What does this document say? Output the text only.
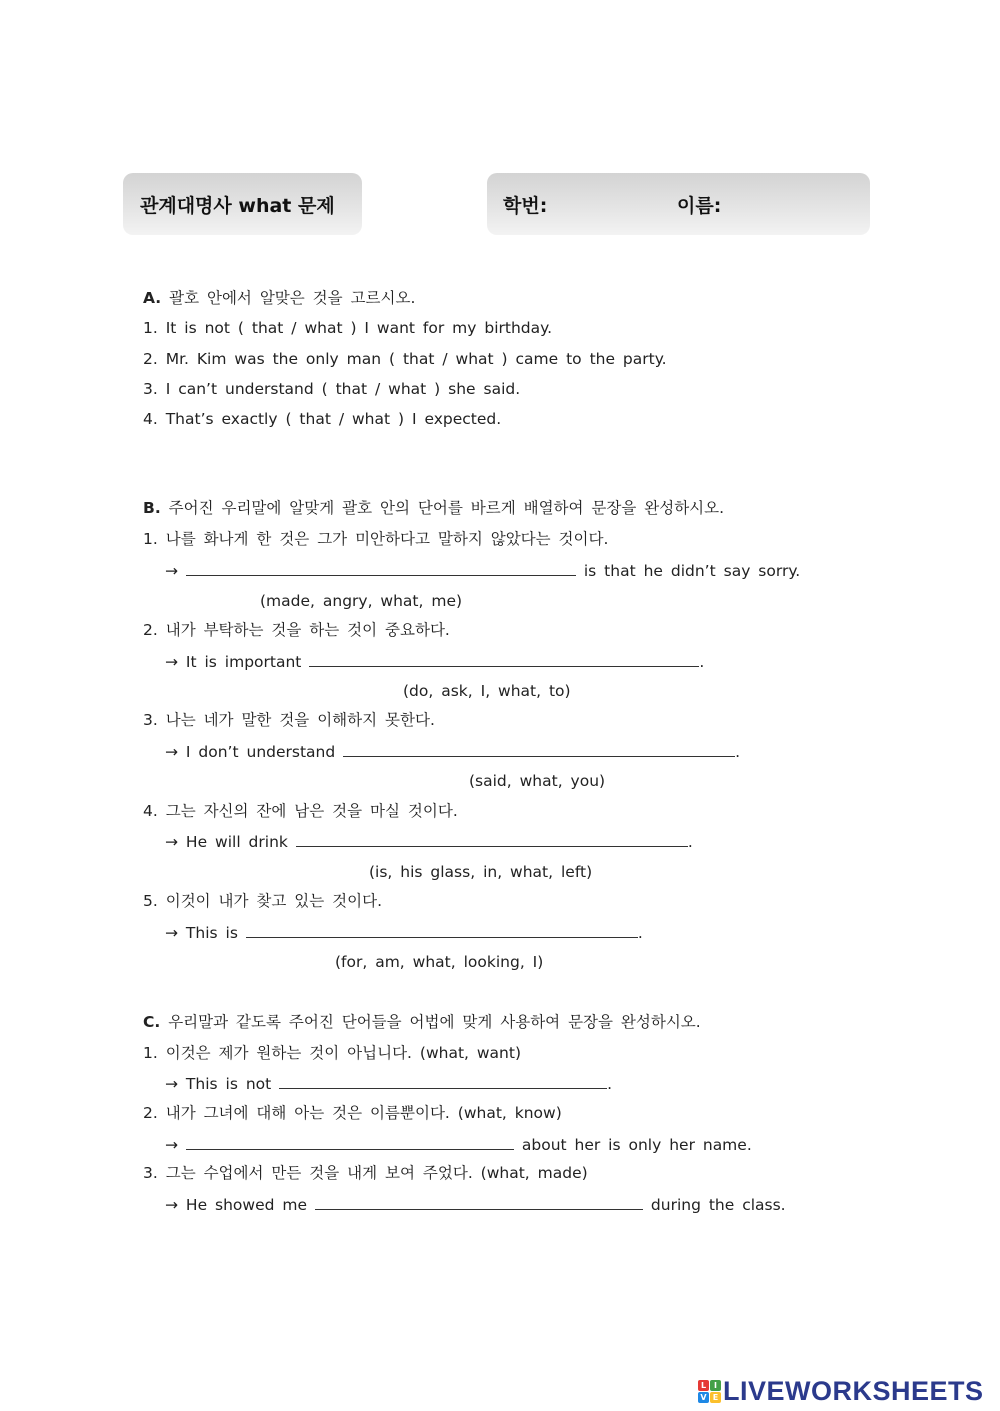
관계대명사 what 문제	학번:	이름:
A. 괄호 안에서 알맞은 것을 고르시오.
1. It is not ( that / what ) I want for my birthday.
2. Mr. Kim was the only man ( that / what ) came to the party.
3. I can’t understand ( that / what ) she said.
4. That’s exactly ( that / what ) I expected.
B. 주어진 우리말에 알맞게 괄호 안의 단어를 바르게 배열하여 문장을 완성하시오.
1. 나를 화나게 한 것은 그가 미안하다고 말하지 않았다는 것이다.
→	is that he didn’t say sorry.
(made, angry, what, me)
2. 내가 부탁하는 것을 하는 것이 중요하다.
→ It is important	.
(do, ask, I, what, to)
3. 나는 네가 말한 것을 이해하지 못한다.
→ I don’t understand	.
(said, what, you)
4. 그는 자신의 잔에 남은 것을 마실 것이다.
→ He will drink	.
(is, his glass, in, what, left)
5. 이것이 내가 찾고 있는 것이다.
→ This is	.
(for, am, what, looking, I)
C. 우리말과 같도록 주어진 단어들을 어법에 맞게 사용하여 문장을 완성하시오.
1. 이것은 제가 원하는 것이 아닙니다. (what, want)
→ This is not	.
2. 내가 그녀에 대해 아는 것은 이름뿐이다. (what, know)
→	about her is only her name.
3. 그는 수업에서 만든 것을 내게 보여 주었다. (what, made)
→ He showed me	during the class.
L I
V E LIVEWORKSHEETS
